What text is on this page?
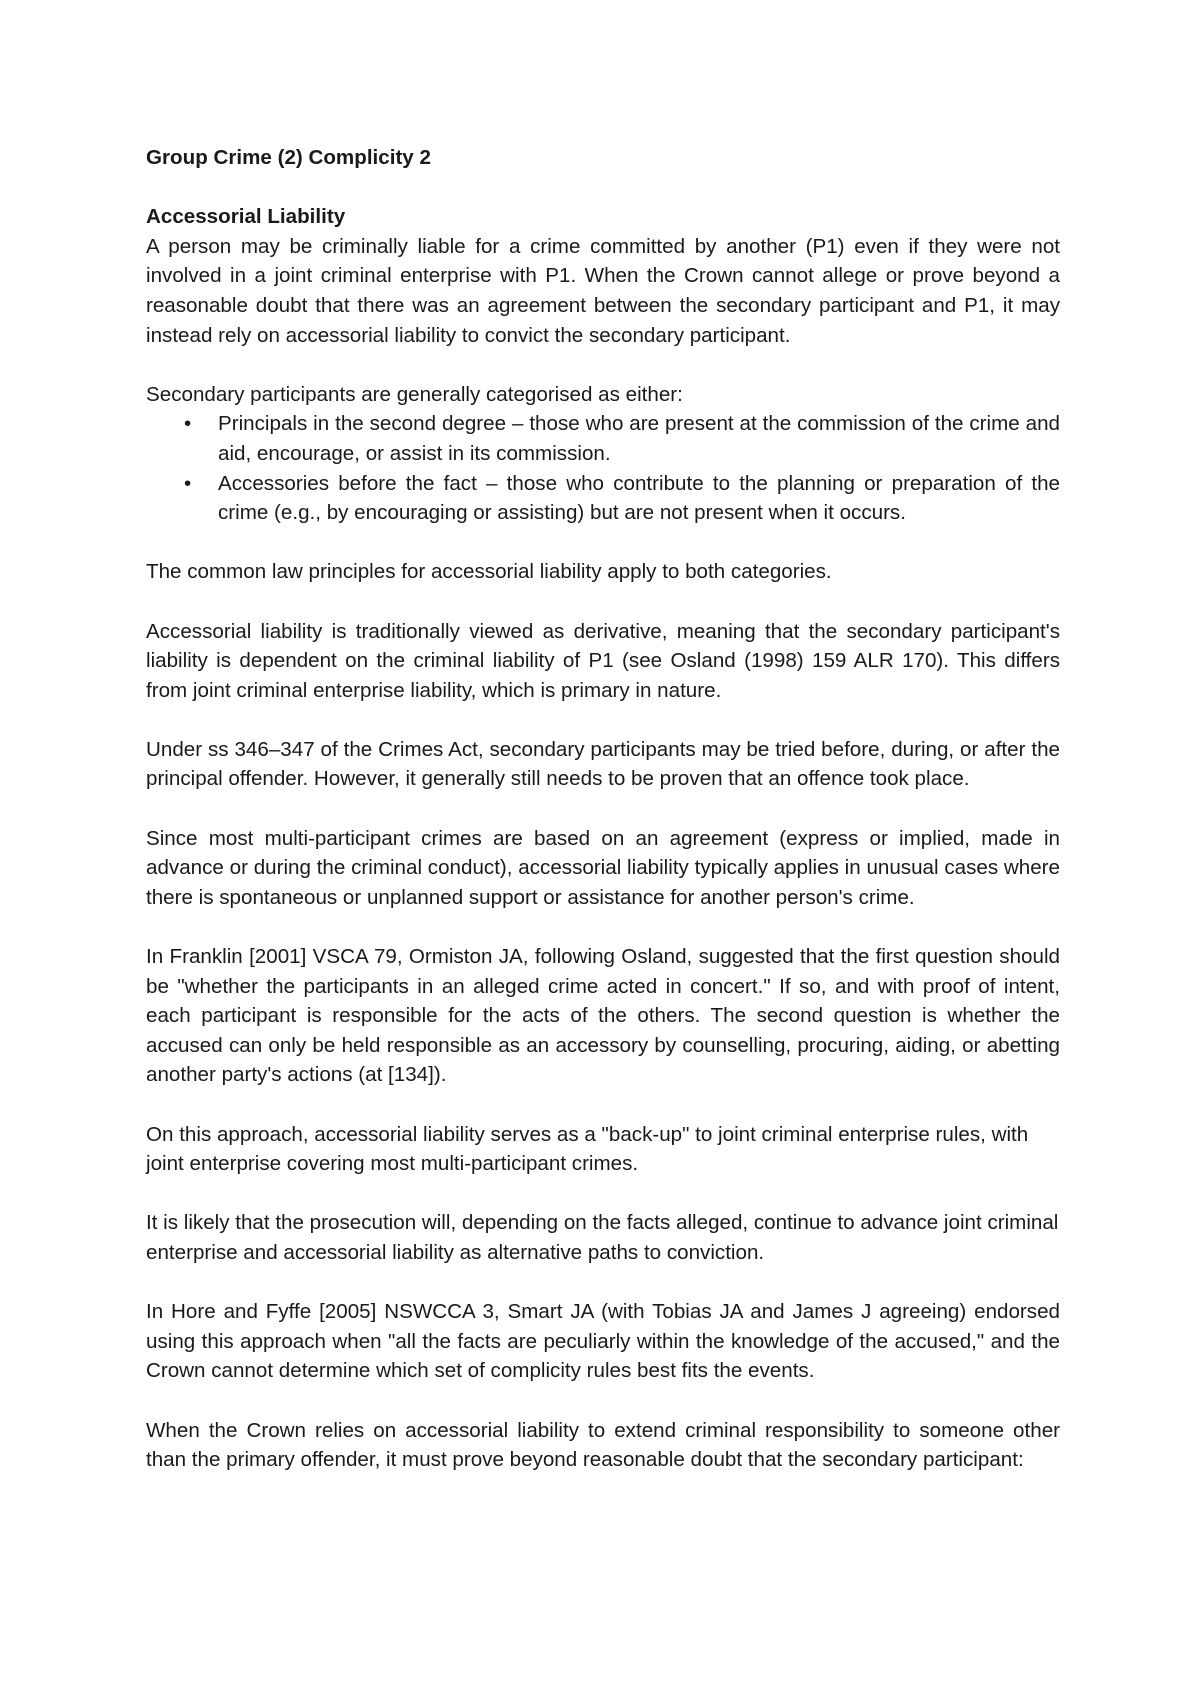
Group Crime (2) Complicity 2
Accessorial Liability

A person may be criminally liable for a crime committed by another (P1) even if they were not involved in a joint criminal enterprise with P1. When the Crown cannot allege or prove beyond a reasonable doubt that there was an agreement between the secondary participant and P1, it may instead rely on accessorial liability to convict the secondary participant.

Secondary participants are generally categorised as either:

• Principals in the second degree – those who are present at the commission of the crime and aid, encourage, or assist in its commission.
• Accessories before the fact – those who contribute to the planning or preparation of the crime (e.g., by encouraging or assisting) but are not present when it occurs.

The common law principles for accessorial liability apply to both categories.

Accessorial liability is traditionally viewed as derivative, meaning that the secondary participant's liability is dependent on the criminal liability of P1 (see Osland (1998) 159 ALR 170). This differs from joint criminal enterprise liability, which is primary in nature.

Under ss 346–347 of the Crimes Act, secondary participants may be tried before, during, or after the principal offender. However, it generally still needs to be proven that an offence took place.

Since most multi-participant crimes are based on an agreement (express or implied, made in advance or during the criminal conduct), accessorial liability typically applies in unusual cases where there is spontaneous or unplanned support or assistance for another person's crime.

In Franklin [2001] VSCA 79, Ormiston JA, following Osland, suggested that the first question should be "whether the participants in an alleged crime acted in concert." If so, and with proof of intent, each participant is responsible for the acts of the others. The second question is whether the accused can only be held responsible as an accessory by counselling, procuring, aiding, or abetting another party's actions (at [134]).

On this approach, accessorial liability serves as a "back-up" to joint criminal enterprise rules, with joint enterprise covering most multi-participant crimes.

It is likely that the prosecution will, depending on the facts alleged, continue to advance joint criminal enterprise and accessorial liability as alternative paths to conviction.

In Hore and Fyffe [2005] NSWCCA 3, Smart JA (with Tobias JA and James J agreeing) endorsed using this approach when "all the facts are peculiarly within the knowledge of the accused," and the Crown cannot determine which set of complicity rules best fits the events.

When the Crown relies on accessorial liability to extend criminal responsibility to someone other than the primary offender, it must prove beyond reasonable doubt that the secondary participant:
